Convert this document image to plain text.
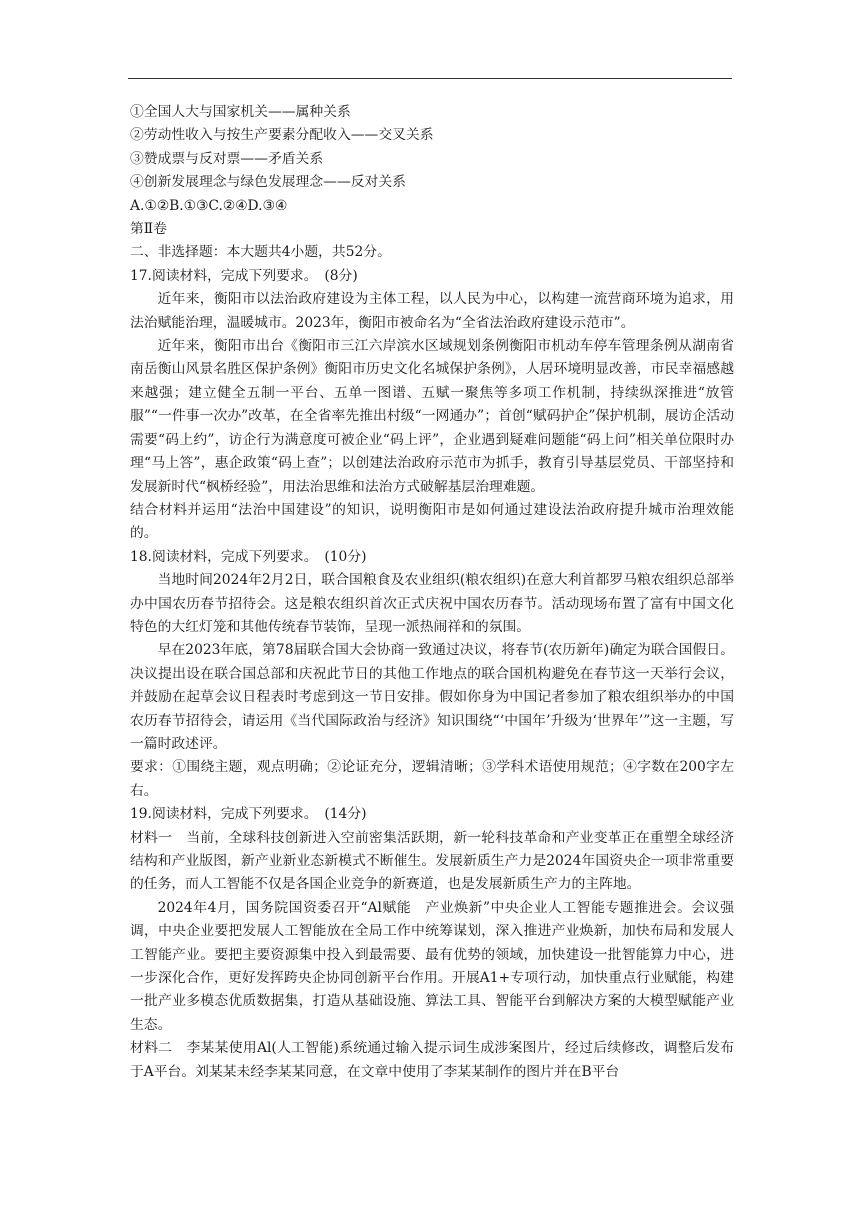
①全国人大与国家机关——属种关系
②劳动性收入与按生产要素分配收入——交叉关系
③赞成票与反对票——矛盾关系
④创新发展理念与绿色发展理念——反对关系
A.①②B.①③C.②④D.③④
第Ⅱ卷
二、非选择题：本大题共4小题，共52分。
17.阅读材料，完成下列要求。　(8分)

近年来，衡阳市以法治政府建设为主体工程，以人民为中心，以构建一流营商环境为追求，用法治赋能治理，温暖城市。2023年，衡阳市被命名为“全省法治政府建设示范市”。

近年来，衡阳市出台《衡阳市三江六岸滨水区域规划条例衡阳市机动车停车管理条例从湖南省南岳衡山风景名胜区保护条例》衡阳市历史文化名城保护条例》，人居环境明显改善，市民幸福感越来越强；建立健全五制一平台、五单一图谱、五赋一聚焦等多项工作机制，持续纵深推进“放管服”“一件事一次办”改革，在全省率先推出村级“一网通办”；首创“赋码护企”保护机制，展访企活动需要“码上约”，访企行为满意度可被企业“码上评”，企业遇到疑难问题能“码上问”相关单位限时办理“马上答”，惠企政策“码上查”；以创建法治政府示范市为抓手，教育引导基层党员、干部坚持和发展新时代“枫桥经验”，用法治思维和法治方式破解基层治理难题。

结合材料并运用“法治中国建设”的知识，说明衡阳市是如何通过建设法治政府提升城市治理效能的。

18.阅读材料，完成下列要求。　(10分)

当地时间2024年2月2日，联合国粮食及农业组织(粮农组织)在意大利首都罗马粮农组织总部举办中国农历春节招待会。这是粮农组织首次正式庆祝中国农历春节。活动现场布置了富有中国文化特色的大红灯笼和其他传统春节装饰，呈现一派热闹祥和的氛围。

早在2023年底，第78届联合国大会协商一致通过决议，将春节(农历新年)确定为联合国假日。决议提出设在联合国总部和庆祝此节日的其他工作地点的联合国机构避免在春节这一天举行会议，并鼓励在起草会议日程表时考虑到这一节日安排。假如你身为中国记者参加了粮农组织举办的中国农历春节招待会，请运用《当代国际政治与经济》知识围绕“‘中国年’升级为‘世界年’”这一主题，写一篇时政述评。

要求：①围绕主题，观点明确；②论证充分，逻辑清晰；③学科术语使用规范；④字数在200字左右。

19.阅读材料，完成下列要求。　(14分)

材料一　当前，全球科技创新进入空前密集活跃期，新一轮科技革命和产业变革正在重塑全球经济结构和产业版图，新产业新业态新模式不断催生。发展新质生产力是2024年国资央企一项非常重要的任务，而人工智能不仅是各国企业竞争的新赛道，也是发展新质生产力的主阵地。

2024年4月，国务院国资委召开“Al赋能　产业焕新”中央企业人工智能专题推进会。会议强调，中央企业要把发展人工智能放在全局工作中统筹谋划，深入推进产业焕新，加快布局和发展人工智能产业。要把主要资源集中投入到最需要、最有优势的领域，加快建设一批智能算力中心，进一步深化合作，更好发挥跨央企协同创新平台作用。开展A1+专项行动，加快重点行业赋能，构建一批产业多模态优质数据集，打造从基础设施、算法工具、智能平台到解决方案的大模型赋能产业生态。

材料二　李某某使用Al(人工智能)系统通过输入提示词生成涉案图片，经过后续修改，调整后发布于A平台。刘某某未经李某某同意，在文章中使用了李某某制作的图片并在B平台
